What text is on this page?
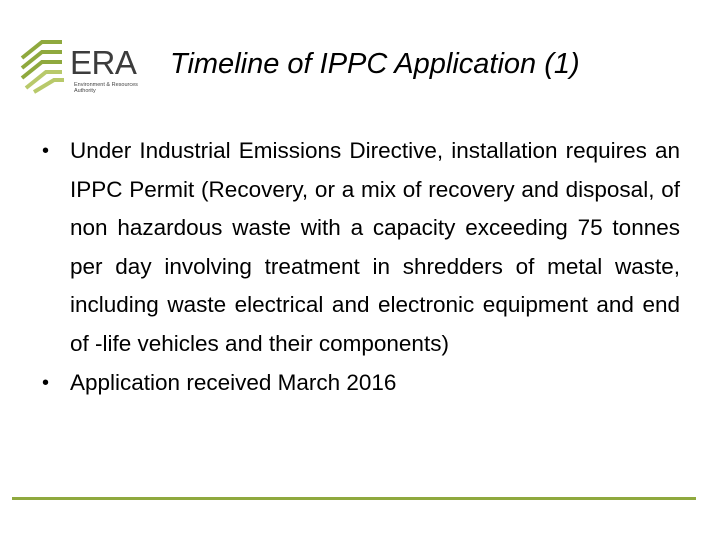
ERA
Environment & Resources
Authority
Timeline of IPPC Application (1)
• Under Industrial Emissions Directive, installation requires an IPPC Permit (Recovery, or a mix of recovery and disposal, of non hazardous waste with a capacity exceeding 75 tonnes per day involving treatment in shredders of metal waste, including waste electrical and electronic equipment and end of -life vehicles and their components)
• Application received March 2016
